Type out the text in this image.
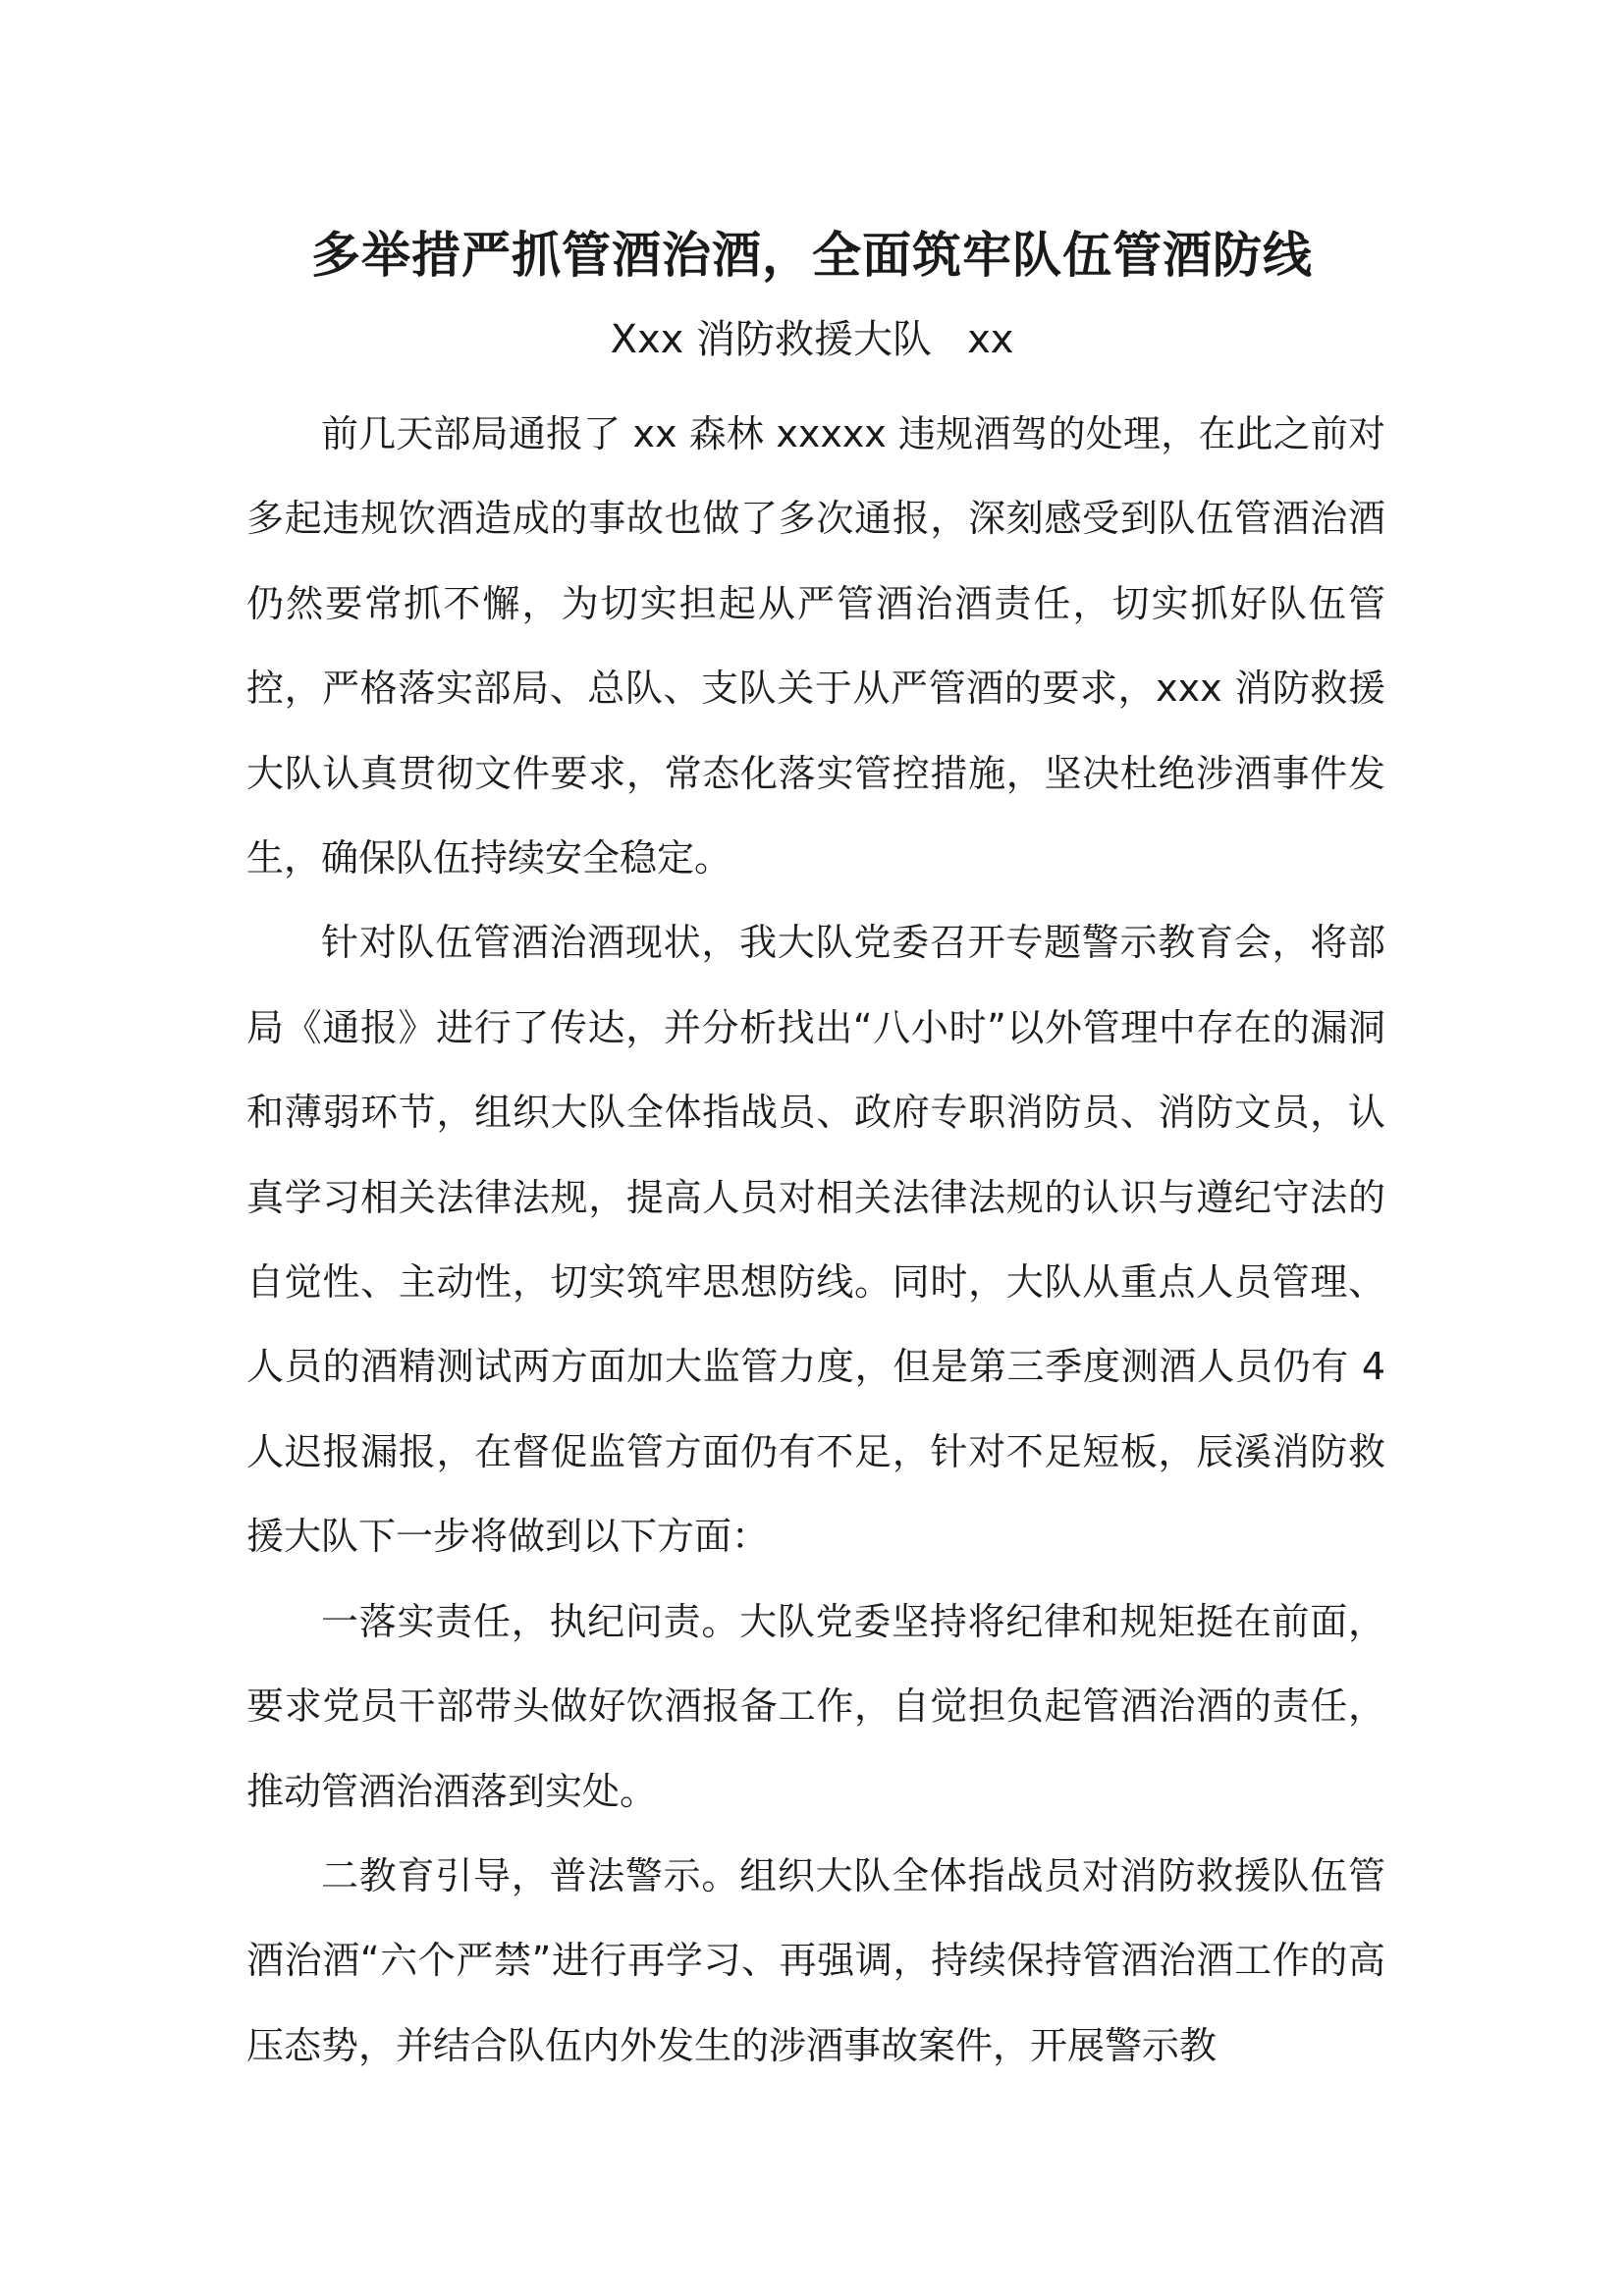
多举措严抓管酒治酒，全面筑牢队伍管酒防线
Xxx 消防救援大队 xx

前几天部局通报了 xx 森林 xxxxx 违规酒驾的处理，在此之前对多起违规饮酒造成的事故也做了多次通报，深刻感受到队伍管酒治酒仍然要常抓不懈，为切实担起从严管酒治酒责任，切实抓好队伍管控，严格落实部局、总队、支队关于从严管酒的要求，xxx 消防救援大队认真贯彻文件要求，常态化落实管控措施，坚决杜绝涉酒事件发生，确保队伍持续安全稳定。

针对队伍管酒治酒现状，我大队党委召开专题警示教育会，将部局《通报》进行了传达，并分析找出“八小时”以外管理中存在的漏洞和薄弱环节，组织大队全体指战员、政府专职消防员、消防文员，认真学习相关法律法规，提高人员对相关法律法规的认识与遵纪守法的自觉性、主动性，切实筑牢思想防线。同时，大队从重点人员管理、人员的酒精测试两方面加大监管力度，但是第三季度测酒人员仍有 4 人迟报漏报，在督促监管方面仍有不足，针对不足短板，辰溪消防救援大队下一步将做到以下方面：

一落实责任，执纪问责。大队党委坚持将纪律和规矩挺在前面，要求党员干部带头做好饮酒报备工作，自觉担负起管酒治酒的责任，推动管酒治酒落到实处。

二教育引导，普法警示。组织大队全体指战员对消防救援队伍管酒治酒“六个严禁”进行再学习、再强调，持续保持管酒治酒工作的高压态势，并结合队伍内外发生的涉酒事故案件，开展警示教
